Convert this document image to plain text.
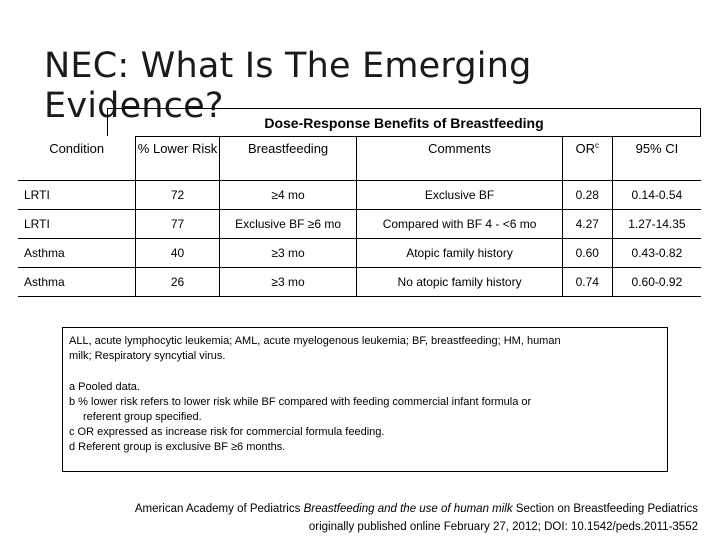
NEC: What Is The Emerging Evidence?	Dose-Response Benefits of Breastfeeding
Condition	% Lower Risk	Breastfeeding	Comments	$OR^c$	95% CI
LRTI	72	≥4 mo	Exclusive BF	0.28	0.14-0.54
LRTI	77	Exclusive BF ≥6 mo	Compared with BF 4 - <6 mo	4.27	1.27-14.35
Asthma	40	≥3 mo	Atopic family history	0.60	0.43-0.82
Asthma	26	≥3 mo	No atopic family history	0.74	0.60-0.92
ALL, acute lymphocytic leukemia; AML, acute myelogenous leukemia; BF, breastfeeding; HM, human
milk; Respiratory syncytial virus.
a Pooled data.
b % lower risk refers to lower risk while BF compared with feeding commercial infant formula or
referent group specified.
c OR expressed as increase risk for commercial formula feeding.
d Referent group is exclusive BF ≥6 months.
American Academy of Pediatrics Breastfeeding and the use of human milk Section on Breastfeeding Pediatrics
originally published online February 27, 2012; DOI: 10.1542/peds.2011-3552
